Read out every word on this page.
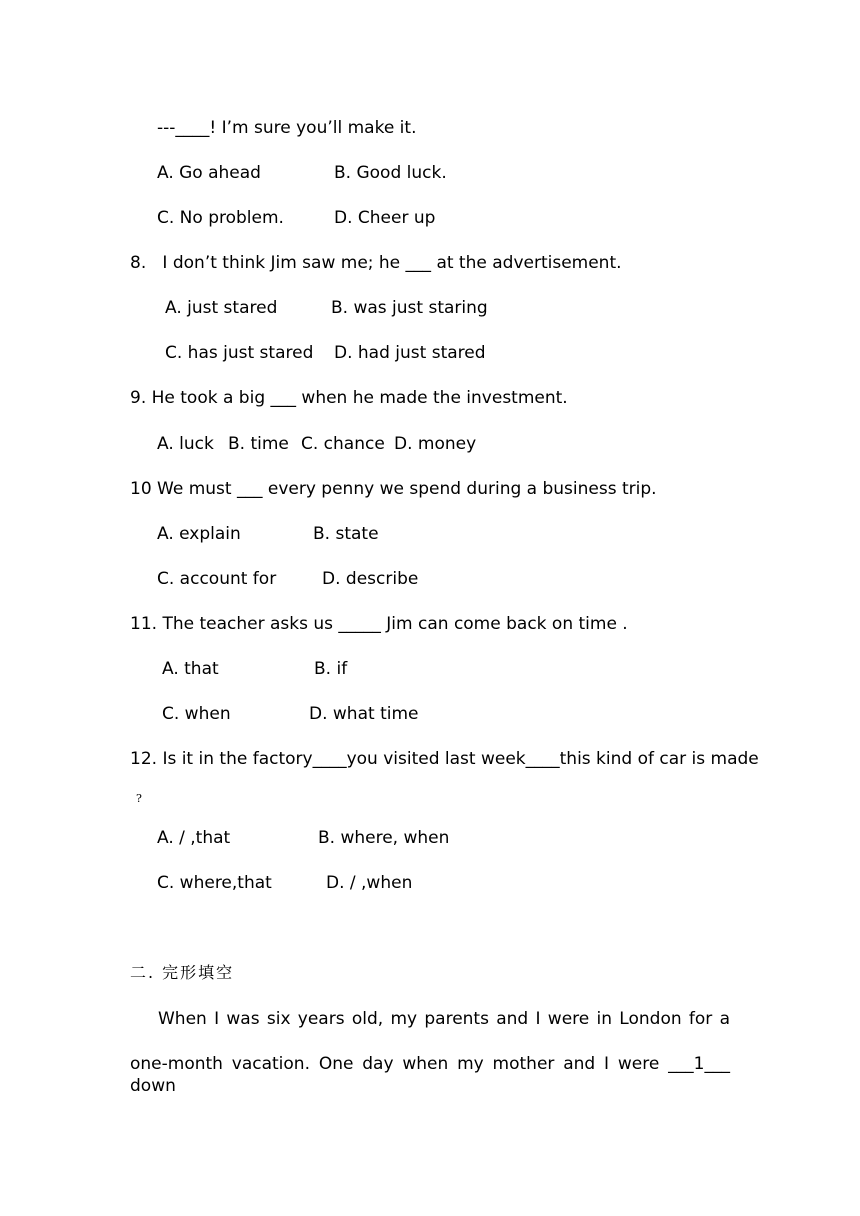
---____! I’m sure you’ll make it.
A. Go ahead	B. Good luck.
C. No problem.	D. Cheer up
8.   I don’t think Jim saw me; he ___ at the advertisement.
A. just stared	B. was just staring
C. has just stared D. had just stared
9. He took a big ___ when he made the investment.
A. luck B. time C. chance D. money
10 We must ___ every penny we spend during a business trip.
A. explain	B. state
C. account for	D. describe
11. The teacher asks us _____ Jim can come back on time .
A. that	B. if
C. when	D. what time
12. Is it in the factory____you visited last week____this kind of car is made
?
A. / ,that	B. where, when
C. where,that	D. / ,when
二. 完形填空
When I was six years old, my parents and I were in London for a
one-month vacation. One day when my mother and I were ___1___ down
